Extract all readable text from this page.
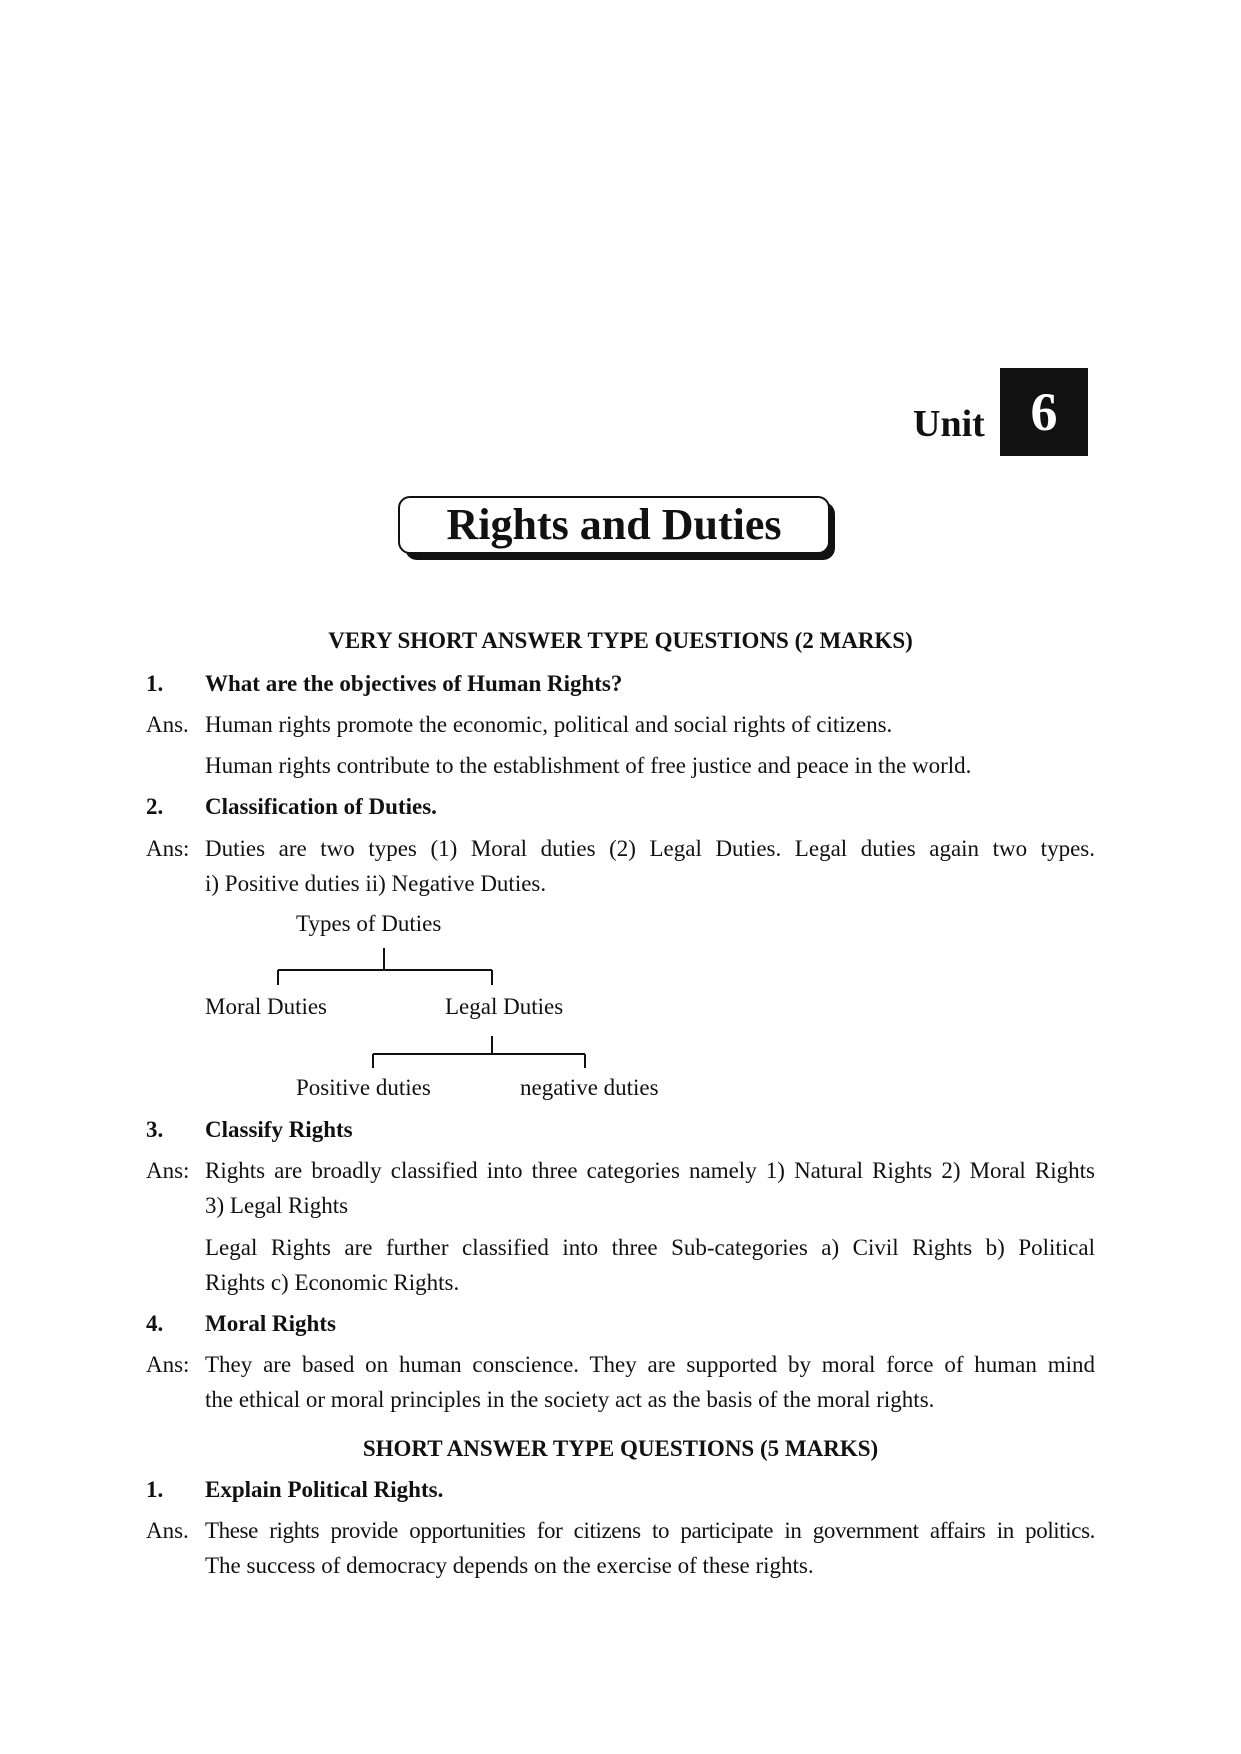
Unit 6
Rights and Duties
VERY SHORT ANSWER TYPE QUESTIONS (2 MARKS)
1. What are the objectives of Human Rights?
Ans. Human rights promote the economic, political and social rights of citizens.
Human rights contribute to the establishment of free justice and peace in the world.
2. Classification of Duties.
Ans: Duties are two types (1) Moral duties (2) Legal Duties. Legal duties again two types.
i) Positive duties ii) Negative Duties.
Types of Duties
Moral Duties	Legal Duties
Positive duties	negative duties
3. Classify Rights
Ans: Rights are broadly classified into three categories namely 1) Natural Rights 2) Moral Rights
3) Legal Rights
Legal Rights are further classified into three Sub-categories a) Civil Rights b) Political
Rights c) Economic Rights.
4. Moral Rights
Ans: They are based on human conscience. They are supported by moral force of human mind
the ethical or moral principles in the society act as the basis of the moral rights.
SHORT ANSWER TYPE QUESTIONS (5 MARKS)
1. Explain Political Rights.
Ans. These rights provide opportunities for citizens to participate in government affairs in politics.
The success of democracy depends on the exercise of these rights.
